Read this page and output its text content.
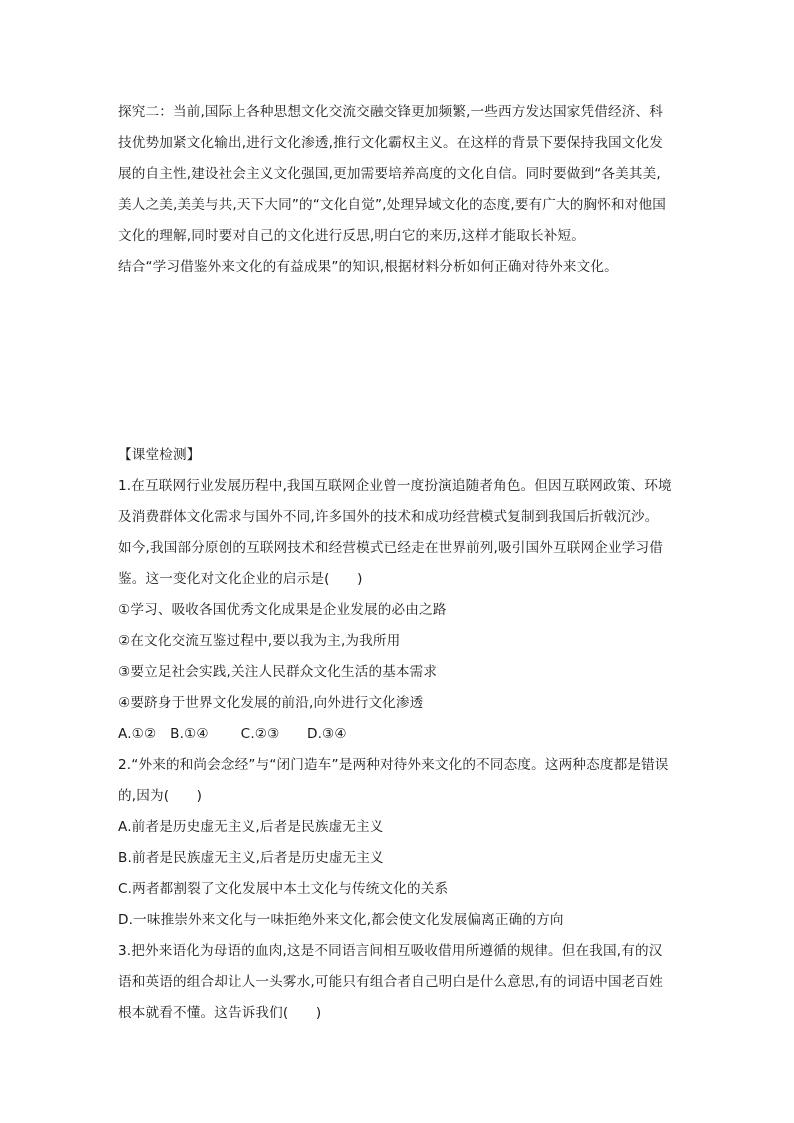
探究二：当前,国际上各种思想文化交流交融交锋更加频繁,一些西方发达国家凭借经济、科
技优势加紧文化输出,进行文化渗透,推行文化霸权主义。在这样的背景下要保持我国文化发
展的自主性,建设社会主义文化强国,更加需要培养高度的文化自信。同时要做到“各美其美,
美人之美,美美与共,天下大同”的“文化自觉”,处理异域文化的态度,要有广大的胸怀和对他国
文化的理解,同时要对自己的文化进行反思,明白它的来历,这样才能取长补短。
结合“学习借鉴外来文化的有益成果”的知识,根据材料分析如何正确对待外来文化。
【课堂检测】
1.在互联网行业发展历程中,我国互联网企业曾一度扮演追随者角色。但因互联网政策、环境
及消费群体文化需求与国外不同,许多国外的技术和成功经营模式复制到我国后折戟沉沙。
如今,我国部分原创的互联网技术和经营模式已经走在世界前列,吸引国外互联网企业学习借
鉴。这一变化对文化企业的启示是(　　)
①学习、吸收各国优秀文化成果是企业发展的必由之路
②在文化交流互鉴过程中,要以我为主,为我所用
③要立足社会实践,关注人民群众文化生活的基本需求
④要跻身于世界文化发展的前沿,向外进行文化渗透
A.①②　B.①④　　 C.②③　　D.③④
2.“外来的和尚会念经”与“闭门造车”是两种对待外来文化的不同态度。这两种态度都是错误
的,因为(　　)
A.前者是历史虚无主义,后者是民族虚无主义
B.前者是民族虚无主义,后者是历史虚无主义
C.两者都割裂了文化发展中本土文化与传统文化的关系
D.一味推崇外来文化与一味拒绝外来文化,都会使文化发展偏离正确的方向
3.把外来语化为母语的血肉,这是不同语言间相互吸收借用所遵循的规律。但在我国,有的汉
语和英语的组合却让人一头雾水,可能只有组合者自己明白是什么意思,有的词语中国老百姓
根本就看不懂。这告诉我们(　　)
